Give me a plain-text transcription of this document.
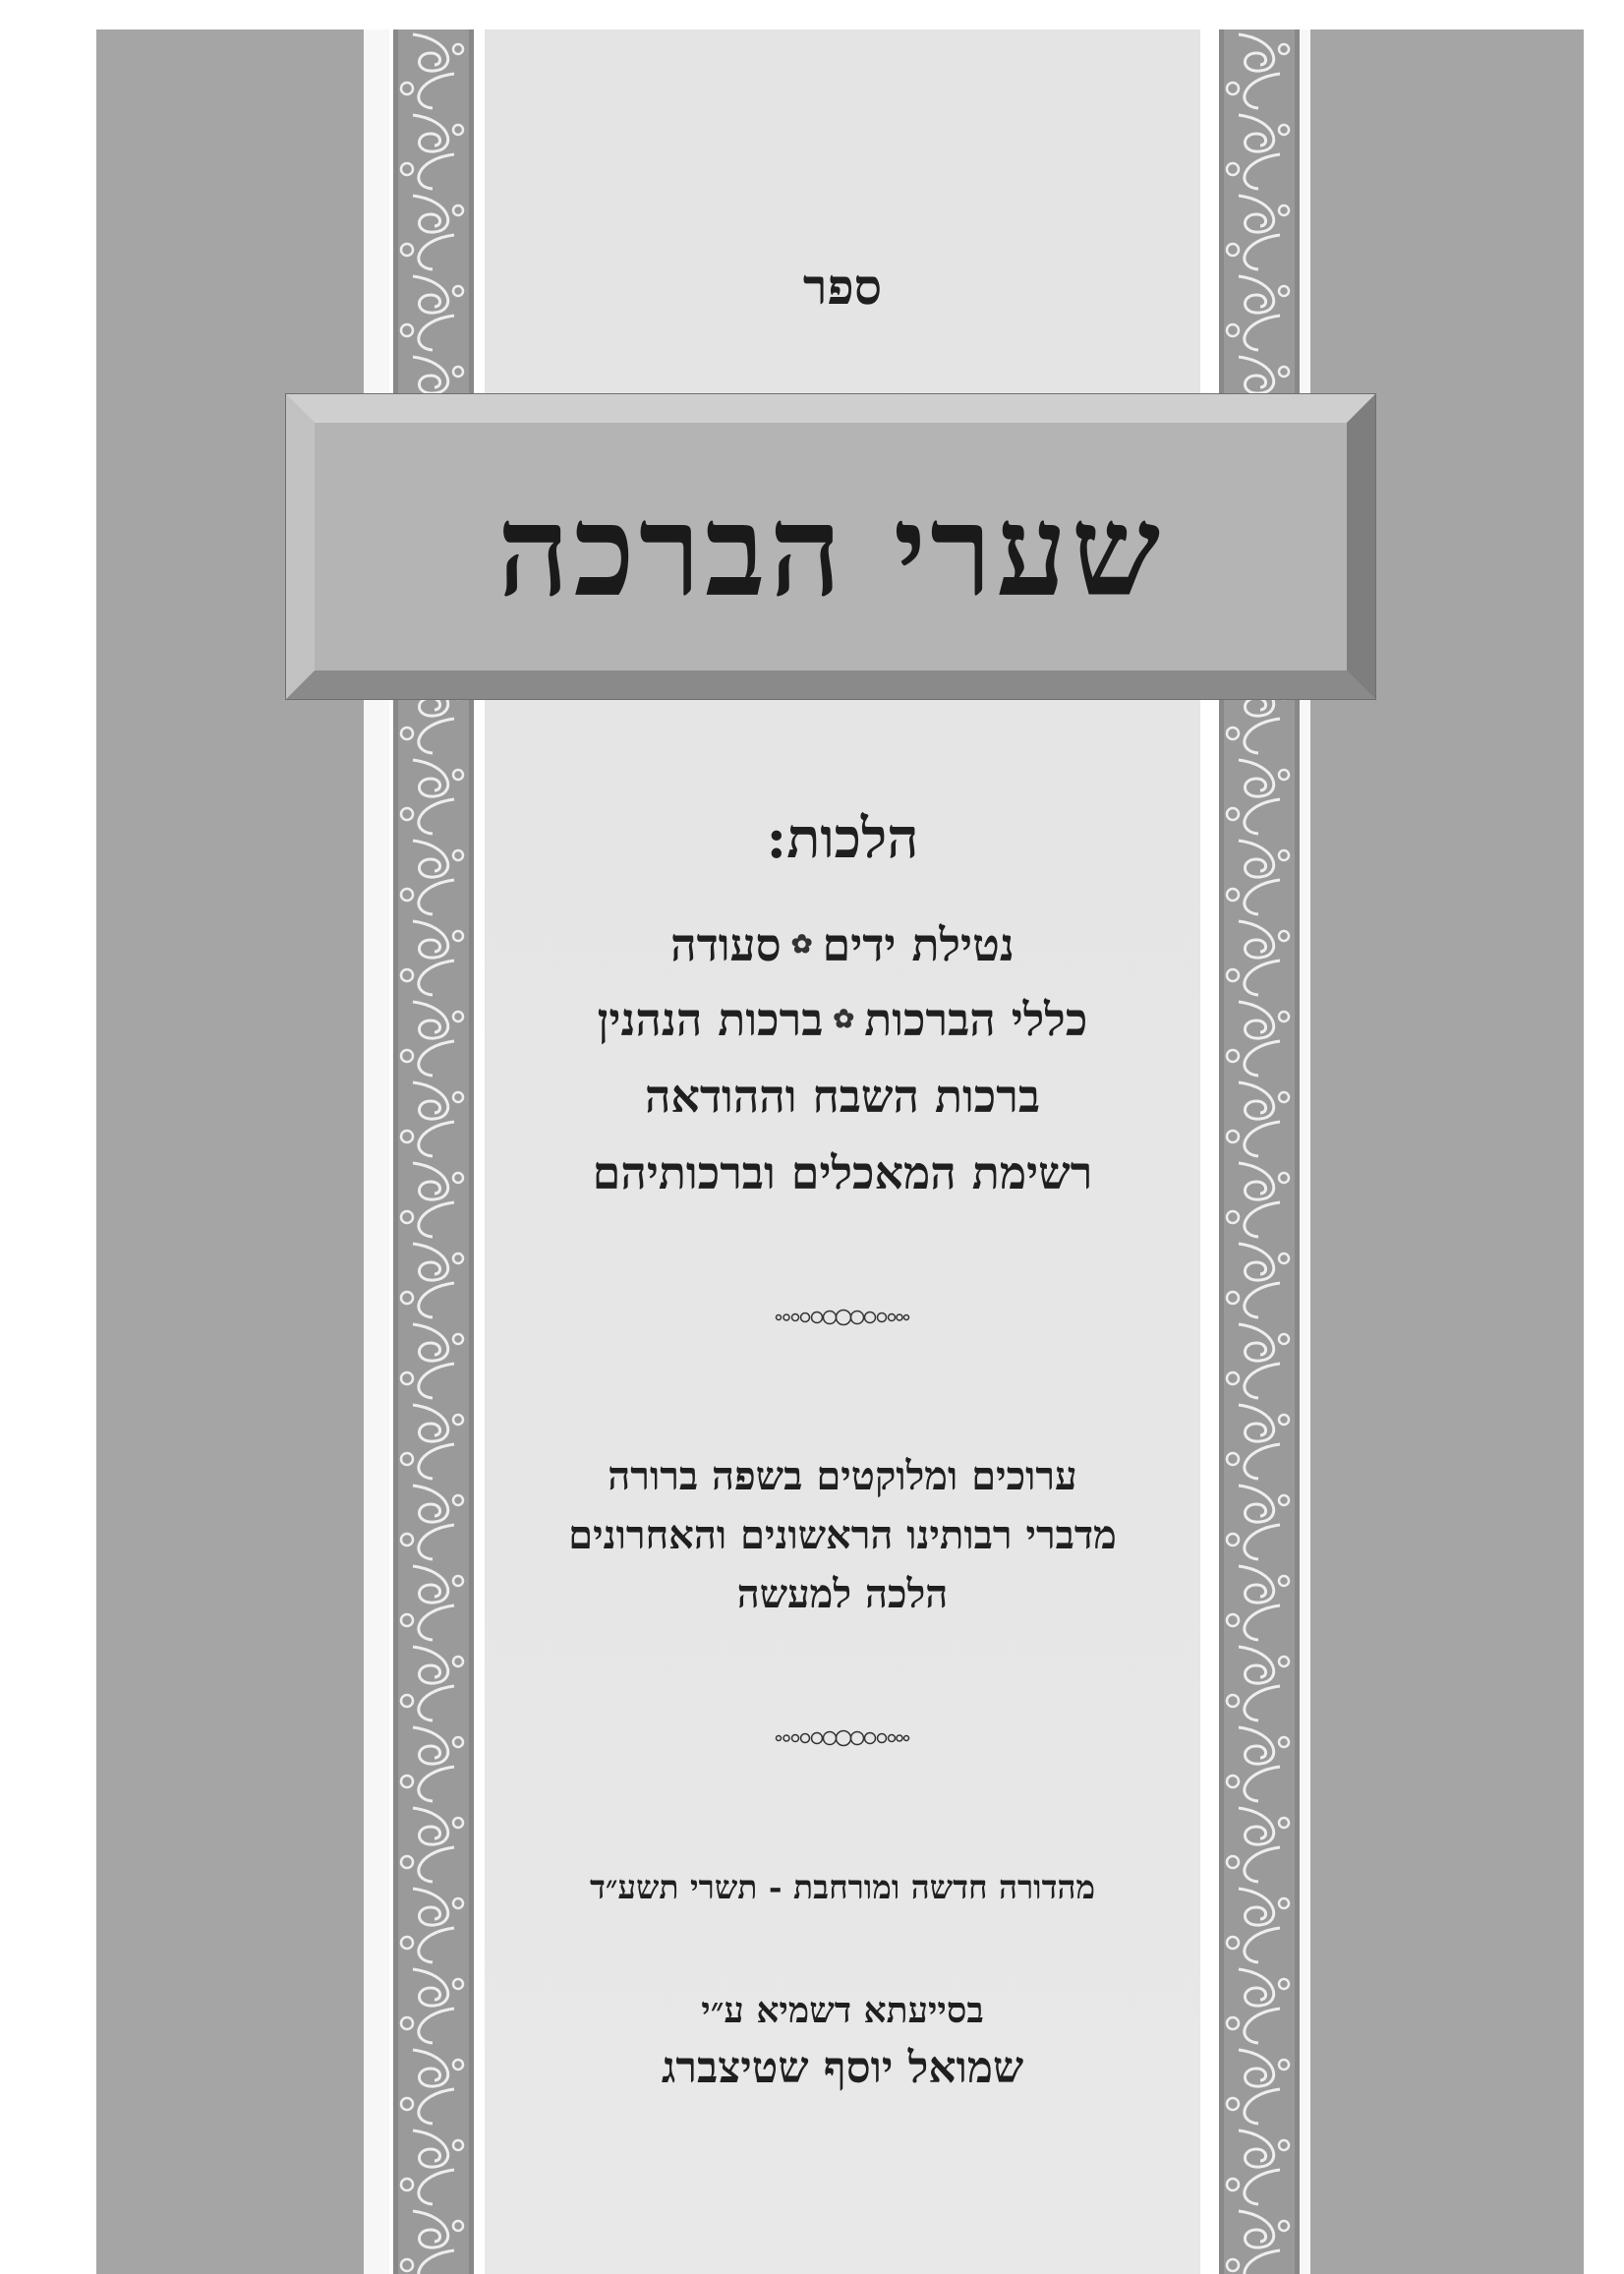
ספר
שערי הברכה
הלכות:
נטילת ידים✿סעודה
כללי הברכות✿ברכות הנהנין
ברכות השבח וההודאה
רשימת המאכלים וברכותיהם
ערוכים ומלוקטים בשפה ברורה
מדברי רבותינו הראשונים והאחרונים
הלכה למעשה
מהדורה חדשה ומורחבת - תשרי תשע״ד
בסייעתא דשמיא ע״י
שמואל יוסף שטיצברג
